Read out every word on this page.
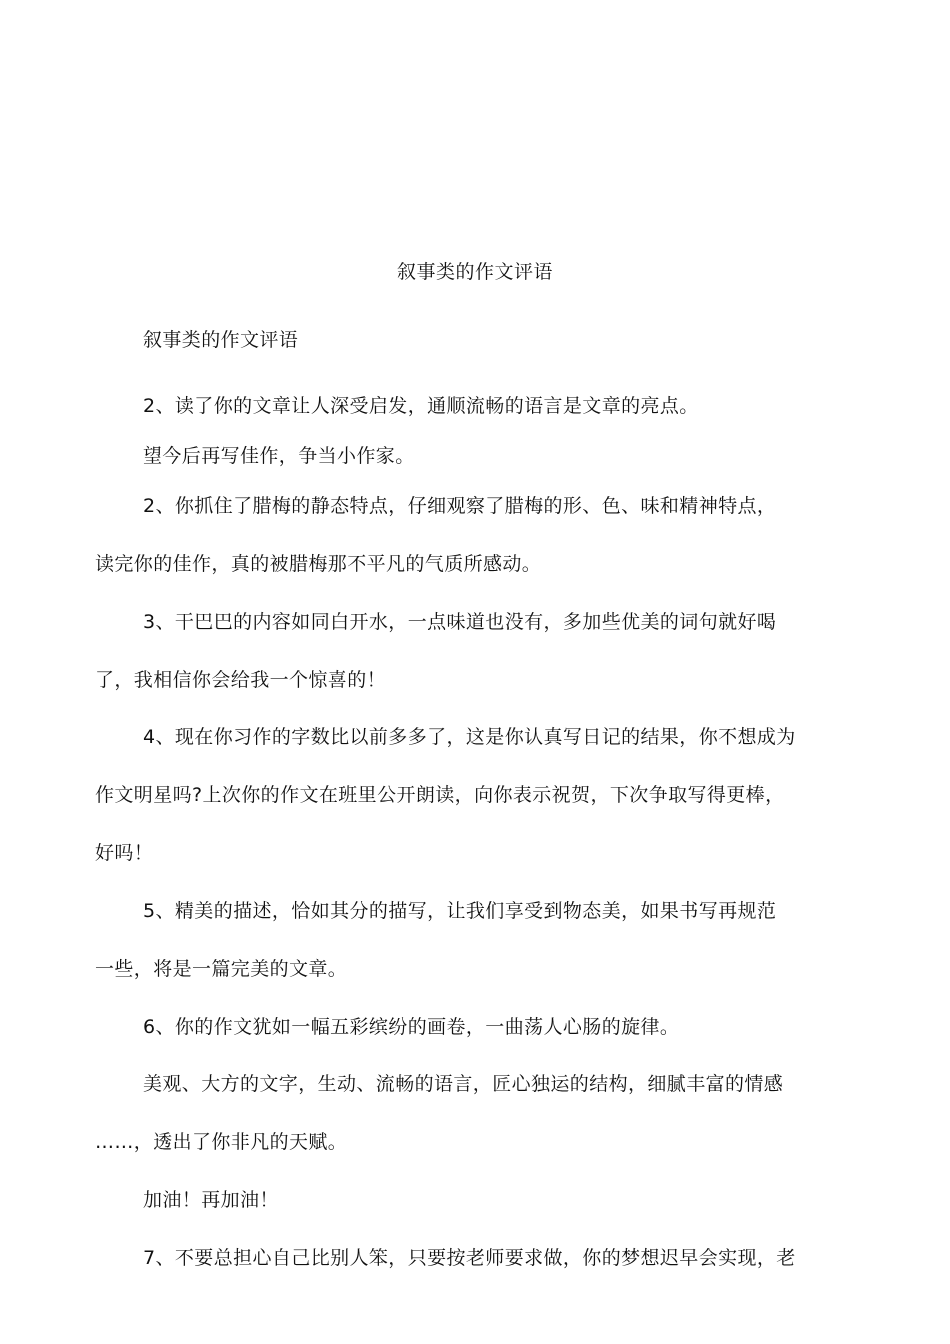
叙事类的作文评语
叙事类的作文评语
2、读了你的文章让人深受启发，通顺流畅的语言是文章的亮点。
望今后再写佳作，争当小作家。
2、你抓住了腊梅的静态特点，仔细观察了腊梅的形、色、味和精神特点，
读完你的佳作，真的被腊梅那不平凡的气质所感动。
3、干巴巴的内容如同白开水，一点味道也没有，多加些优美的词句就好喝
了，我相信你会给我一个惊喜的！
4、现在你习作的字数比以前多多了，这是你认真写日记的结果，你不想成为
作文明星吗?上次你的作文在班里公开朗读，向你表示祝贺，下次争取写得更棒，
好吗！
5、精美的描述，恰如其分的描写，让我们享受到物态美，如果书写再规范
一些，将是一篇完美的文章。
6、你的作文犹如一幅五彩缤纷的画卷，一曲荡人心肠的旋律。
美观、大方的文字，生动、流畅的语言，匠心独运的结构，细腻丰富的情感
……，透出了你非凡的天赋。
加油！再加油！
7、不要总担心自己比别人笨，只要按老师要求做，你的梦想迟早会实现，老
